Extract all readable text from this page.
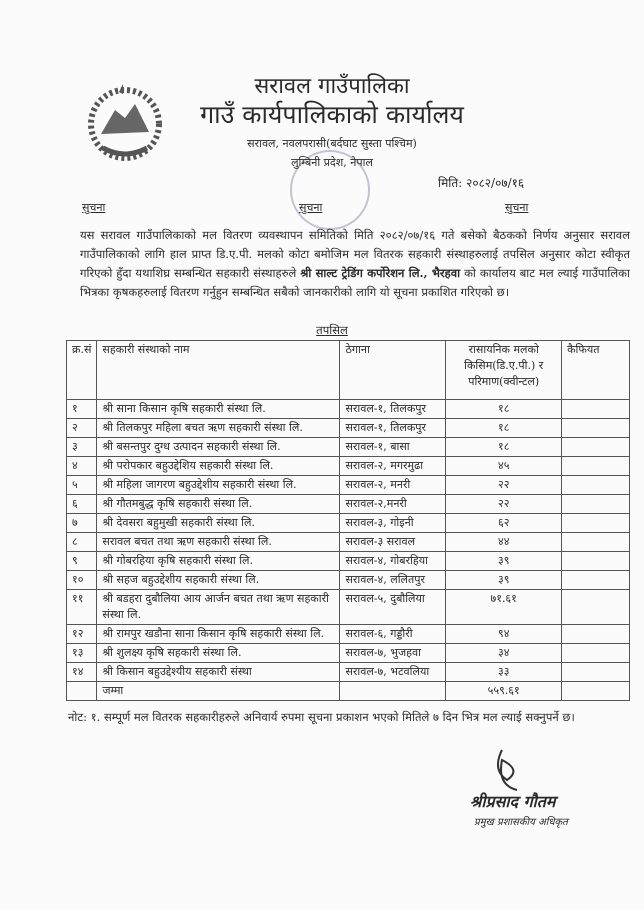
सरावल गाउँपालिका
गाउँ कार्यपालिकाको कार्यालय
सरावल, नवलपरासी(बर्दघाट सुस्ता पश्चिम)
लुम्बिनी प्रदेश, नेपाल
मिति: २०८२/०७/१६
सुचना	सुचना	सुचना
यस सरावल गाउँपालिकाको मल वितरण व्यवस्थापन समितिको मिति २०८२/०७/१६ गते बसेको बैठकको निर्णय अनुसार सरावल गाउँपालिकाको लागि हाल प्राप्त डि.ए.पी. मलको कोटा बमोजिम मल वितरक सहकारी संस्थाहरुलाई तपसिल अनुसार कोटा स्वीकृत गरिएको हुँदा यथाशिघ्र सम्बन्धित सहकारी संस्थाहरुले श्री साल्ट ट्रेडिंग कर्पोरेशन लि., भैरहवा को कार्यालय बाट मल ल्याई गाउँपालिका भित्रका कृषकहरुलाई वितरण गर्नुहुन सम्बन्धित सबैको जानकारीको लागि यो सूचना प्रकाशित गरिएको छ।
तपसिल
क्र.सं	सहकारी संस्थाको नाम	ठेगाना	रासायनिक मलको किसिम(डि.ए.पी.) र परिमाण(क्वीन्टल)	कैफियत
१	श्री साना किसान कृषि सहकारी संस्था लि.	सरावल-१, तिलकपुर	१८	
२	श्री तिलकपुर महिला बचत ऋण सहकारी संस्था लि.	सरावल-१, तिलकपुर	१८	
३	श्री बसन्तपुर दुग्ध उत्पादन सहकारी संस्था लि.	सरावल-१, बासा	१८	
४	श्री परोपकार बहुउद्देशिय सहकारी संस्था लि.	सरावल-२, मगरमुढा	४५	
५	श्री महिला जागरण बहुउद्देशीय सहकारी संस्था लि.	सरावल-२, मनरी	२२	
६	श्री गौतमबुद्ध कृषि सहकारी संस्था लि.	सरावल-२,मनरी	२२	
७	श्री देवसरा बहुमुखी सहकारी संस्था लि.	सरावल-३, गोइनी	६२	
८	सरावल बचत तथा ऋण सहकारी संस्था लि.	सरावल-३ सरावल	४४	
९	श्री गोबरहिया कृषि सहकारी संस्था लि.	सरावल-४, गोबरहिया	३९	
१०	श्री सहज बहुउद्देशीय सहकारी संस्था लि.	सरावल-४, ललितपुर	३९	
११	श्री बडहरा दुबौलिया आय आर्जन बचत तथा ऋण सहकारी संस्था लि.	सरावल-५, दुबौलिया	७१.६१	
१२	श्री रामपुर खडौना साना किसान कृषि सहकारी संस्था लि.	सरावल-६, गड्डौरी	९४	
१३	श्री शुलक्ष्य कृषि सहकारी संस्था लि.	सरावल-७, भुजहवा	३४	
१४	श्री किसान बहुउद्देश्यीय सहकारी संस्था	सरावल-७, भटवलिया	३३	
	जम्मा		५५९.६१	
नोट: १. सम्पूर्ण मल वितरक सहकारीहरुले अनिवार्य रुपमा सूचना प्रकाशन भएको मितिले ७ दिन भित्र मल ल्याई सक्नुपर्ने छ।
श्रीप्रसाद गौतम
प्रमुख प्रशासकीय अधिकृत
